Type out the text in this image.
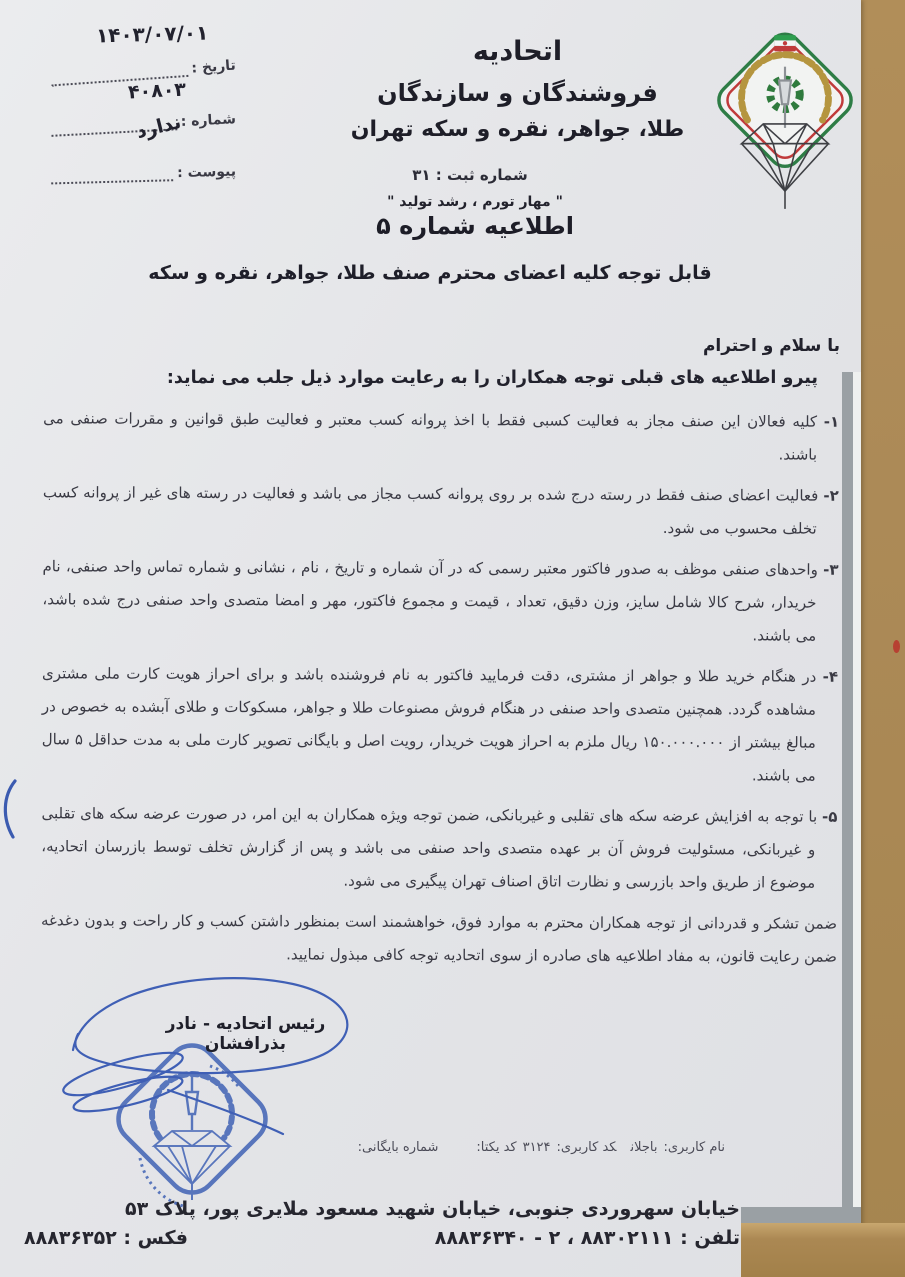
۱۴۰۳/۰۷/۰۱
تاریخ :
۴۰۸۰۳
شماره :
ندارد
پیوست :
اتحادیه
فروشندگان و سازندگان
طلا، جواهر، نقره و سکه تهران
شماره ثبت : ۳۱
" مهار تورم ، رشد تولید "
اطلاعیه شماره ۵
قابل توجه کلیه اعضای محترم صنف طلا، جواهر، نقره و سکه
با سلام و احترام
پیرو اطلاعیه های قبلی توجه همکاران را به رعایت موارد ذیل جلب می نماید:

۱- کلیه فعالان این صنف مجاز به فعالیت کسبی فقط با اخذ پروانه کسب معتبر و فعالیت طبق قوانین و مقررات صنفی می باشند.

۲- فعالیت اعضای صنف فقط در رسته درج شده بر روی پروانه کسب مجاز می باشد و فعالیت در رسته های غیر از پروانه کسب تخلف محسوب می شود.

۳- واحدهای صنفی موظف به صدور فاکتور معتبر رسمی که در آن شماره و تاریخ ، نام ، نشانی و شماره تماس واحد صنفی، نام خریدار، شرح کالا شامل سایز، وزن دقیق، تعداد ، قیمت و مجموع فاکتور، مهر و امضا متصدی واحد صنفی درج شده باشد، می باشند.

۴- در هنگام خرید طلا و جواهر از مشتری، دقت فرمایید فاکتور به نام فروشنده باشد و برای احراز هویت کارت ملی مشتری مشاهده گردد. همچنین متصدی واحد صنفی در هنگام فروش مصنوعات طلا و جواهر، مسکوکات و طلای آبشده به خصوص در مبالغ بیشتر از ۱۵۰.۰۰۰.۰۰۰ ریال ملزم به احراز هویت خریدار، رویت اصل و بایگانی تصویر کارت ملی به مدت حداقل ۵ سال می باشند.

۵- با توجه به افزایش عرضه سکه های تقلبی و غیربانکی، ضمن توجه ویژه همکاران به این امر، در صورت عرضه سکه های تقلبی و غیربانکی، مسئولیت فروش آن بر عهده متصدی واحد صنفی می باشد و پس از گزارش تخلف توسط بازرسان اتحادیه، موضوع از طریق واحد بازرسی و نظارت اتاق اصناف تهران پیگیری می شود.

ضمن تشکر و قدردانی از توجه همکاران محترم به موارد فوق، خواهشمند است بمنظور داشتن کسب و کار راحت و بدون دغدغه ضمن رعایت قانون، به مفاد اطلاعیه های صادره از سوی اتحادیه توجه کافی مبذول نمایید.

رئیس اتحادیه - نادر بذرافشان
نام کاربری:باجلانکد کاربری:۳۱۲۴کد یکتا:شماره بایگانی:
خیابان سهروردی جنوبی، خیابان شهید مسعود ملایری پور، پلاک ۵۳
تلفن : ۸۸۳۰۲۱۱۱ ، ۲ - ۸۸۸۳۶۳۴۰
فکس : ۸۸۸۳۶۳۵۲
